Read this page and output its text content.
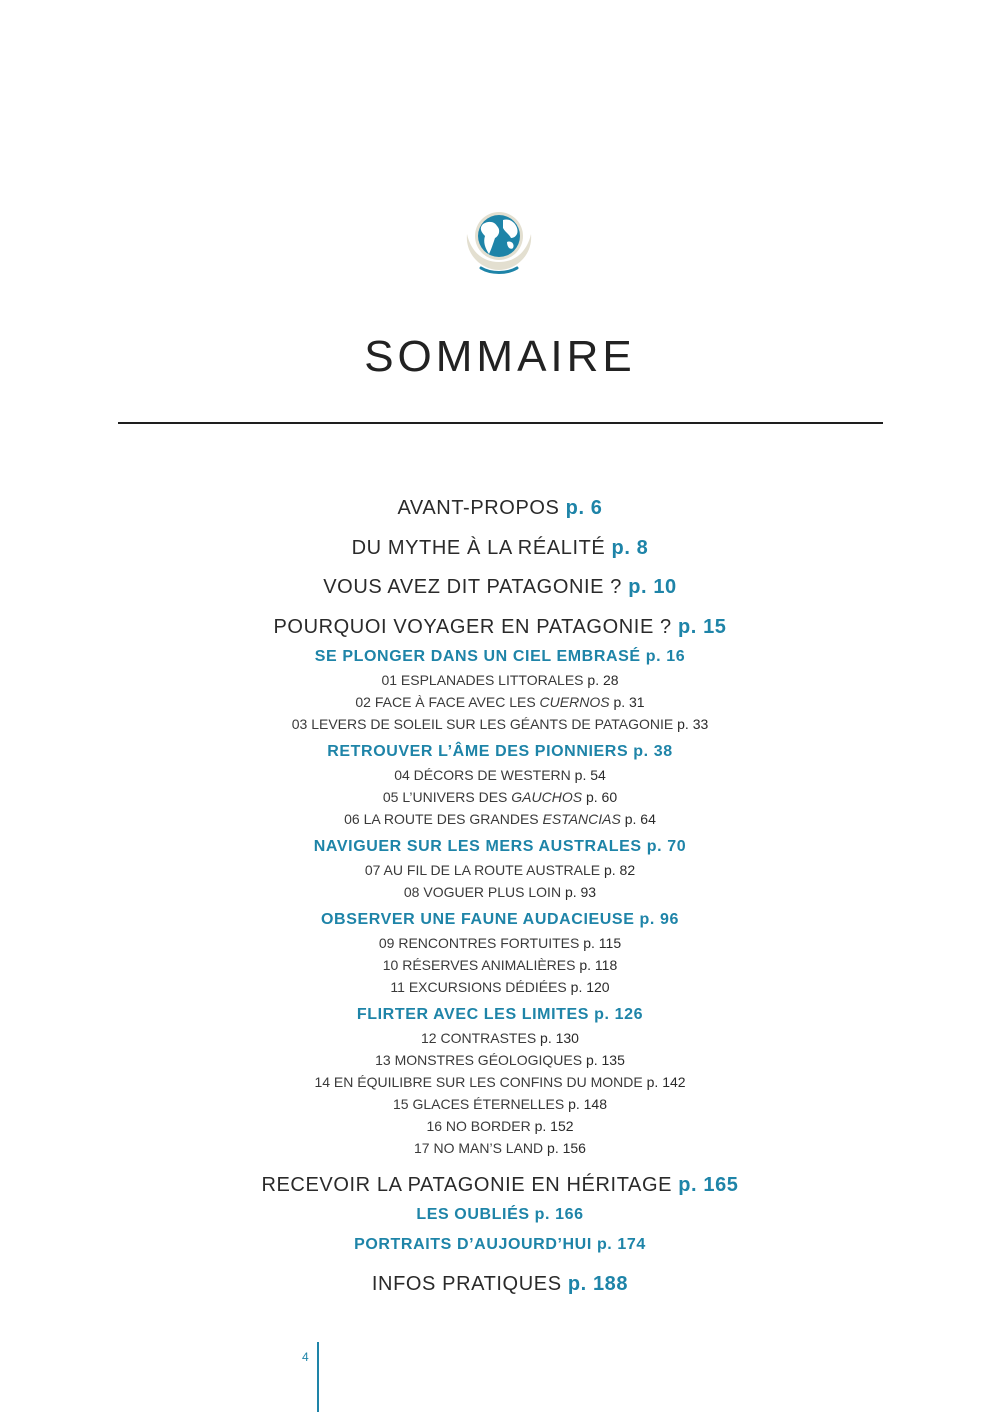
SOMMAIRE
AVANT-PROPOS p. 6
DU MYTHE À LA RÉALITÉ p. 8
VOUS AVEZ DIT PATAGONIE ? p. 10
POURQUOI VOYAGER EN PATAGONIE ? p. 15
SE PLONGER DANS UN CIEL EMBRASÉ p. 16
01 ESPLANADES LITTORALES p. 28
02 FACE À FACE AVEC LES CUERNOS p. 31
03 LEVERS DE SOLEIL SUR LES GÉANTS DE PATAGONIE p. 33
RETROUVER L’ÂME DES PIONNIERS p. 38
04 DÉCORS DE WESTERN p. 54
05 L’UNIVERS DES GAUCHOS p. 60
06 LA ROUTE DES GRANDES ESTANCIAS p. 64
NAVIGUER SUR LES MERS AUSTRALES p. 70
07 AU FIL DE LA ROUTE AUSTRALE p. 82
08 VOGUER PLUS LOIN p. 93
OBSERVER UNE FAUNE AUDACIEUSE p. 96
09 RENCONTRES FORTUITES p. 115
10 RÉSERVES ANIMALIÈRES p. 118
11 EXCURSIONS DÉDIÉES p. 120
FLIRTER AVEC LES LIMITES p. 126
12 CONTRASTES p. 130
13 MONSTRES GÉOLOGIQUES p. 135
14 EN ÉQUILIBRE SUR LES CONFINS DU MONDE p. 142
15 GLACES ÉTERNELLES p. 148
16 NO BORDER p. 152
17 NO MAN’S LAND p. 156
RECEVOIR LA PATAGONIE EN HÉRITAGE p. 165
LES OUBLIÉS p. 166
PORTRAITS D’AUJOURD’HUI p. 174
INFOS PRATIQUES p. 188
4
